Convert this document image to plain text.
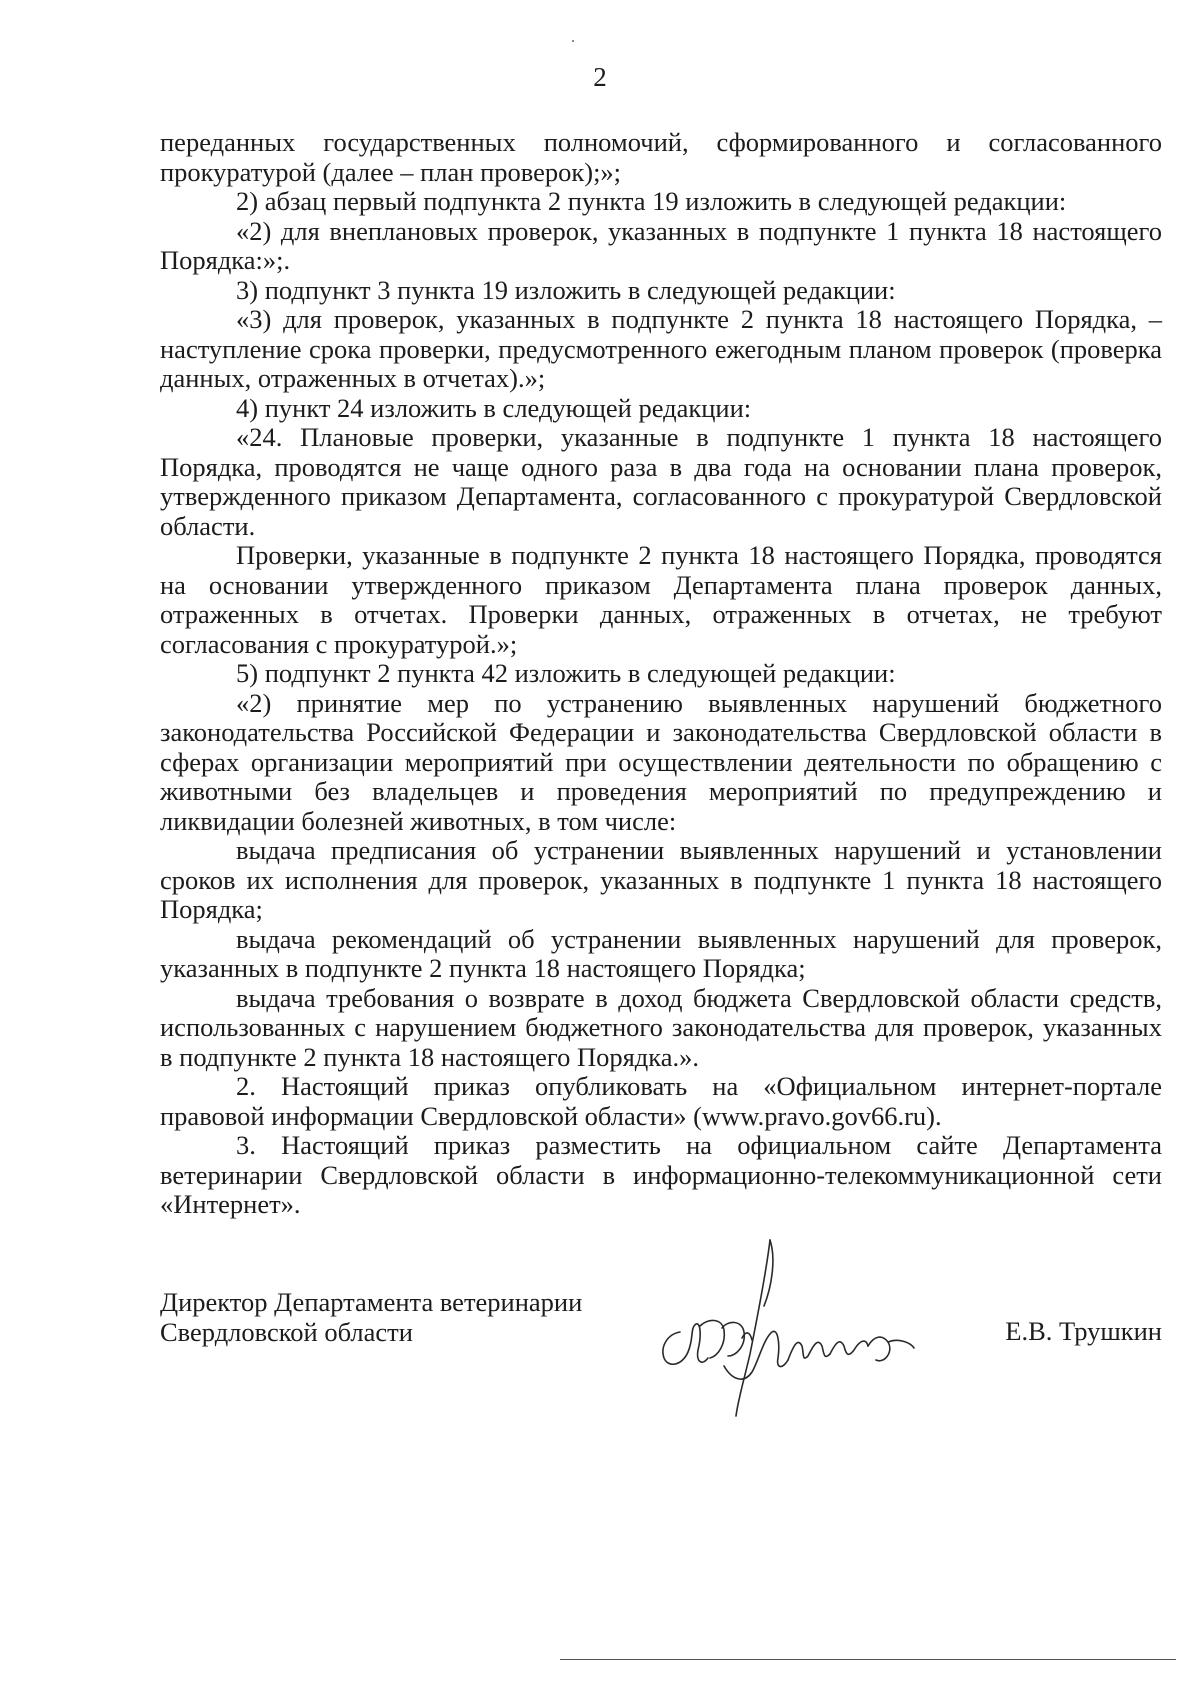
2

переданных государственных полномочий, сформированного и согласованного прокуратурой (далее – план проверок);»;

2) абзац первый подпункта 2 пункта 19 изложить в следующей редакции:

«2) для внеплановых проверок, указанных в подпункте 1 пункта 18 настоящего Порядка:»;.

3) подпункт 3 пункта 19 изложить в следующей редакции:

«3) для проверок, указанных в подпункте 2 пункта 18 настоящего Порядка, – наступление срока проверки, предусмотренного ежегодным планом проверок (проверка данных, отраженных в отчетах).»;

4) пункт 24 изложить в следующей редакции:

«24. Плановые проверки, указанные в подпункте 1 пункта 18 настоящего Порядка, проводятся не чаще одного раза в два года на основании плана проверок, утвержденного приказом Департамента, согласованного с прокуратурой Свердловской области.

Проверки, указанные в подпункте 2 пункта 18 настоящего Порядка, проводятся на основании утвержденного приказом Департамента плана проверок данных, отраженных в отчетах. Проверки данных, отраженных в отчетах, не требуют согласования с прокуратурой.»;

5) подпункт 2 пункта 42 изложить в следующей редакции:

«2) принятие мер по устранению выявленных нарушений бюджетного законодательства Российской Федерации и законодательства Свердловской области в сферах организации мероприятий при осуществлении деятельности по обращению с животными без владельцев и проведения мероприятий по предупреждению и ликвидации болезней животных, в том числе:

выдача предписания об устранении выявленных нарушений и установлении сроков их исполнения для проверок, указанных в подпункте 1 пункта 18 настоящего Порядка;

выдача рекомендаций об устранении выявленных нарушений для проверок, указанных в подпункте 2 пункта 18 настоящего Порядка;

выдача требования о возврате в доход бюджета Свердловской области средств, использованных с нарушением бюджетного законодательства для проверок, указанных в подпункте 2 пункта 18 настоящего Порядка.».

2. Настоящий приказ опубликовать на «Официальном интернет-портале правовой информации Свердловской области» (www.pravo.gov66.ru).

3. Настоящий приказ разместить на официальном сайте Департамента ветеринарии Свердловской области в информационно-телекоммуникационной сети «Интернет».

Директор Департамента ветеринарии
Свердловской области	Е.В. Трушкин
